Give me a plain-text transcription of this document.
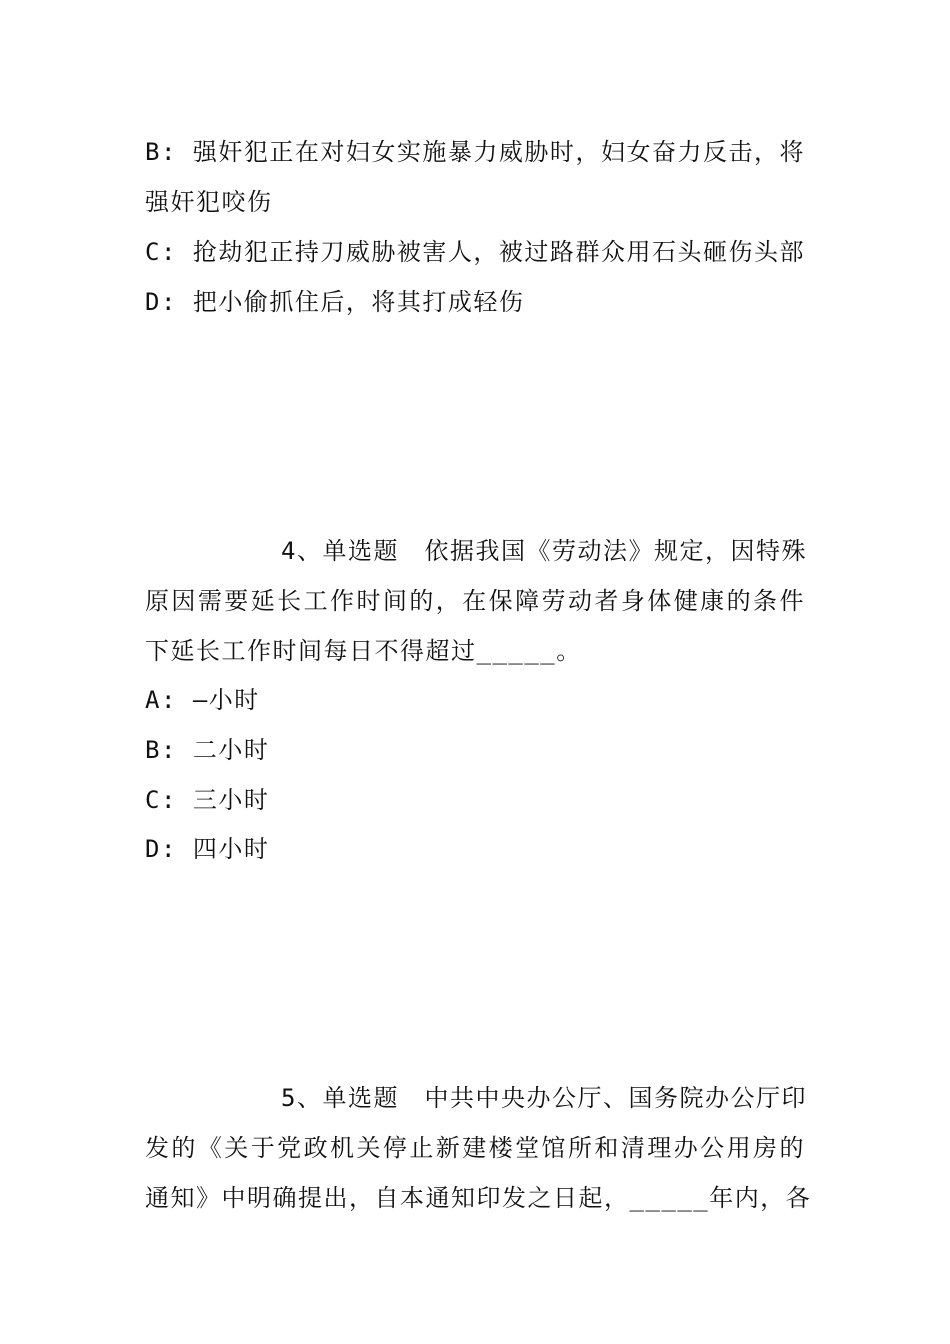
B: 强奸犯正在对妇女实施暴力威胁时，妇女奋力反击，将
强奸犯咬伤
C: 抢劫犯正持刀威胁被害人，被过路群众用石头砸伤头部
D: 把小偷抓住后，将其打成轻伤
4、单选题　依据我国《劳动法》规定，因特殊
原因需要延长工作时间的，在保障劳动者身体健康的条件
下延长工作时间每日不得超过_____。
A: —小时
B: 二小时
C: 三小时
D: 四小时
5、单选题　中共中央办公厅、国务院办公厅印
发的《关于党政机关停止新建楼堂馆所和清理办公用房的
通知》中明确提出，自本通知印发之日起，_____年内，各
